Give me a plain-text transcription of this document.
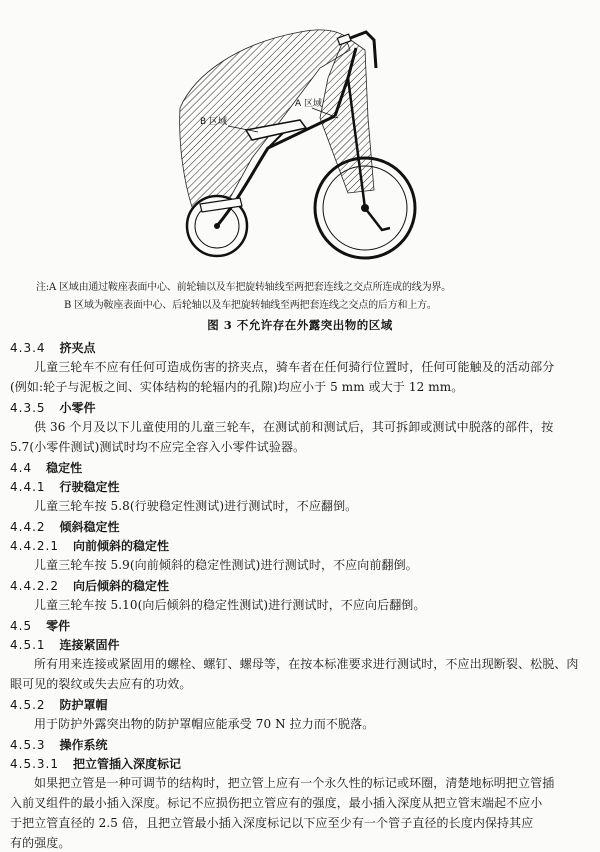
A 区域
B 区域
注:A 区域由通过鞍座表面中心、前轮轴以及车把旋转轴线至两把套连线之交点所连成的线为界。
B 区域为鞍座表面中心、后轮轴以及车把旋转轴线至两把套连线之交点的后方和上方。
图 3 不允许存在外露突出物的区域
4.3.4 挤夹点
儿童三轮车不应有任何可造成伤害的挤夹点，骑车者在任何骑行位置时，任何可能触及的活动部分
(例如:轮子与泥板之间、实体结构的轮辐内的孔隙)均应小于 5 mm 或大于 12 mm。
4.3.5 小零件
供 36 个月及以下儿童使用的儿童三轮车，在测试前和测试后，其可拆卸或测试中脱落的部件，按
5.7(小零件测试)测试时均不应完全容入小零件试验器。
4.4 稳定性
4.4.1 行驶稳定性
儿童三轮车按 5.8(行驶稳定性测试)进行测试时，不应翻倒。
4.4.2 倾斜稳定性
4.4.2.1 向前倾斜的稳定性
儿童三轮车按 5.9(向前倾斜的稳定性测试)进行测试时，不应向前翻倒。
4.4.2.2 向后倾斜的稳定性
儿童三轮车按 5.10(向后倾斜的稳定性测试)进行测试时，不应向后翻倒。
4.5 零件
4.5.1 连接紧固件
所有用来连接或紧固用的螺栓、螺钉、螺母等，在按本标准要求进行测试时，不应出现断裂、松脱、肉
眼可见的裂纹或失去应有的功效。
4.5.2 防护罩帽
用于防护外露突出物的防护罩帽应能承受 70 N 拉力而不脱落。
4.5.3 操作系统
4.5.3.1 把立管插入深度标记
如果把立管是一种可调节的结构时，把立管上应有一个永久性的标记或环圈，清楚地标明把立管插
入前叉组件的最小插入深度。标记不应损伤把立管应有的强度，最小插入深度从把立管末端起不应小
于把立管直径的 2.5 倍，且把立管最小插入深度标记以下应至少有一个管子直径的长度内保持其应
有的强度。
